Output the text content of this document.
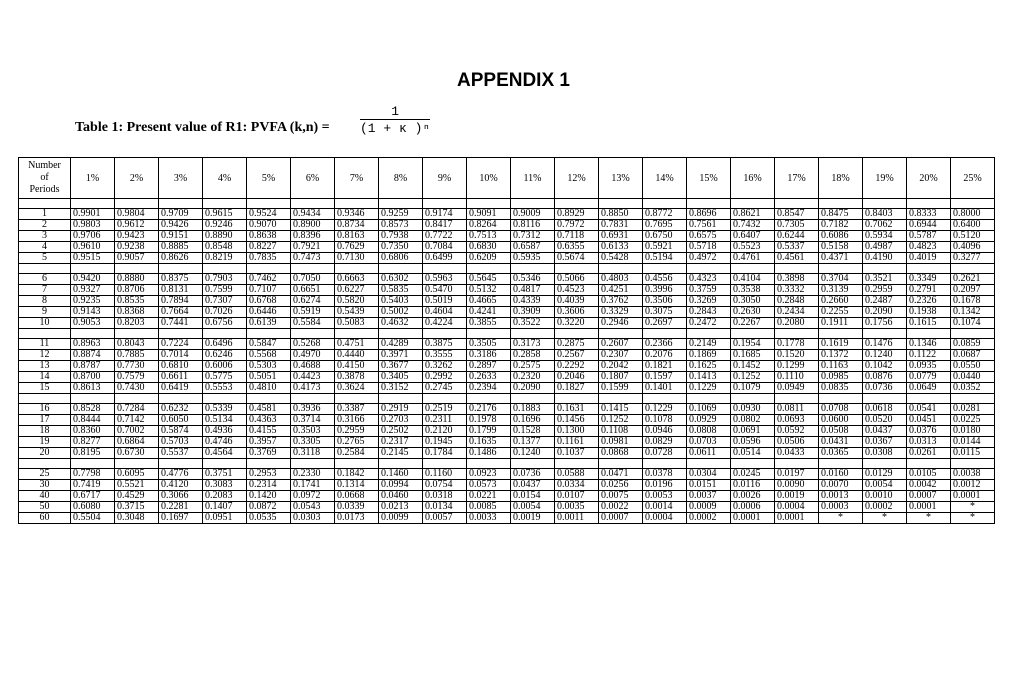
APPENDIX 1
Table 1: Present value of R1: PVFA $(k,n) = \frac{1}{\text{(1 + κ )ⁿ}}$
Number
of
Periods	1%	2%	3%	4%	5%	6%	7%	8%	9%	10%	11%	12%	13%	14%	15%	16%	17%	18%	19%	20%	25%

1	0.9901	0.9804	0.9709	0.9615	0.9524	0.9434	0.9346	0.9259	0.9174	0.9091	0.9009	0.8929	0.8850	0.8772	0.8696	0.8621	0.8547	0.8475	0.8403	0.8333	0.8000
2	0.9803	0.9612	0.9426	0.9246	0.9070	0.8900	0.8734	0.8573	0.8417	0.8264	0.8116	0.7972	0.7831	0.7695	0.7561	0.7432	0.7305	0.7182	0.7062	0.6944	0.6400
3	0.9706	0.9423	0.9151	0.8890	0.8638	0.8396	0.8163	0.7938	0.7722	0.7513	0.7312	0.7118	0.6931	0.6750	0.6575	0.6407	0.6244	0.6086	0.5934	0.5787	0.5120
4	0.9610	0.9238	0.8885	0.8548	0.8227	0.7921	0.7629	0.7350	0.7084	0.6830	0.6587	0.6355	0.6133	0.5921	0.5718	0.5523	0.5337	0.5158	0.4987	0.4823	0.4096
5	0.9515	0.9057	0.8626	0.8219	0.7835	0.7473	0.7130	0.6806	0.6499	0.6209	0.5935	0.5674	0.5428	0.5194	0.4972	0.4761	0.4561	0.4371	0.4190	0.4019	0.3277

6	0.9420	0.8880	0.8375	0.7903	0.7462	0.7050	0.6663	0.6302	0.5963	0.5645	0.5346	0.5066	0.4803	0.4556	0.4323	0.4104	0.3898	0.3704	0.3521	0.3349	0.2621
7	0.9327	0.8706	0.8131	0.7599	0.7107	0.6651	0.6227	0.5835	0.5470	0.5132	0.4817	0.4523	0.4251	0.3996	0.3759	0.3538	0.3332	0.3139	0.2959	0.2791	0.2097
8	0.9235	0.8535	0.7894	0.7307	0.6768	0.6274	0.5820	0.5403	0.5019	0.4665	0.4339	0.4039	0.3762	0.3506	0.3269	0.3050	0.2848	0.2660	0.2487	0.2326	0.1678
9	0.9143	0.8368	0.7664	0.7026	0.6446	0.5919	0.5439	0.5002	0.4604	0.4241	0.3909	0.3606	0.3329	0.3075	0.2843	0.2630	0.2434	0.2255	0.2090	0.1938	0.1342
10	0.9053	0.8203	0.7441	0.6756	0.6139	0.5584	0.5083	0.4632	0.4224	0.3855	0.3522	0.3220	0.2946	0.2697	0.2472	0.2267	0.2080	0.1911	0.1756	0.1615	0.1074

11	0.8963	0.8043	0.7224	0.6496	0.5847	0.5268	0.4751	0.4289	0.3875	0.3505	0.3173	0.2875	0.2607	0.2366	0.2149	0.1954	0.1778	0.1619	0.1476	0.1346	0.0859
12	0.8874	0.7885	0.7014	0.6246	0.5568	0.4970	0.4440	0.3971	0.3555	0.3186	0.2858	0.2567	0.2307	0.2076	0.1869	0.1685	0.1520	0.1372	0.1240	0.1122	0.0687
13	0.8787	0.7730	0.6810	0.6006	0.5303	0.4688	0.4150	0.3677	0.3262	0.2897	0.2575	0.2292	0.2042	0.1821	0.1625	0.1452	0.1299	0.1163	0.1042	0.0935	0.0550
14	0.8700	0.7579	0.6611	0.5775	0.5051	0.4423	0.3878	0.3405	0.2992	0.2633	0.2320	0.2046	0.1807	0.1597	0.1413	0.1252	0.1110	0.0985	0.0876	0.0779	0.0440
15	0.8613	0.7430	0.6419	0.5553	0.4810	0.4173	0.3624	0.3152	0.2745	0.2394	0.2090	0.1827	0.1599	0.1401	0.1229	0.1079	0.0949	0.0835	0.0736	0.0649	0.0352

16	0.8528	0.7284	0.6232	0.5339	0.4581	0.3936	0.3387	0.2919	0.2519	0.2176	0.1883	0.1631	0.1415	0.1229	0.1069	0.0930	0.0811	0.0708	0.0618	0.0541	0.0281
17	0.8444	0.7142	0.6050	0.5134	0.4363	0.3714	0.3166	0.2703	0.2311	0.1978	0.1696	0.1456	0.1252	0.1078	0.0929	0.0802	0.0693	0.0600	0.0520	0.0451	0.0225
18	0.8360	0.7002	0.5874	0.4936	0.4155	0.3503	0.2959	0.2502	0.2120	0.1799	0.1528	0.1300	0.1108	0.0946	0.0808	0.0691	0.0592	0.0508	0.0437	0.0376	0.0180
19	0.8277	0.6864	0.5703	0.4746	0.3957	0.3305	0.2765	0.2317	0.1945	0.1635	0.1377	0.1161	0.0981	0.0829	0.0703	0.0596	0.0506	0.0431	0.0367	0.0313	0.0144
20	0.8195	0.6730	0.5537	0.4564	0.3769	0.3118	0.2584	0.2145	0.1784	0.1486	0.1240	0.1037	0.0868	0.0728	0.0611	0.0514	0.0433	0.0365	0.0308	0.0261	0.0115

25	0.7798	0.6095	0.4776	0.3751	0.2953	0.2330	0.1842	0.1460	0.1160	0.0923	0.0736	0.0588	0.0471	0.0378	0.0304	0.0245	0.0197	0.0160	0.0129	0.0105	0.0038
30	0.7419	0.5521	0.4120	0.3083	0.2314	0.1741	0.1314	0.0994	0.0754	0.0573	0.0437	0.0334	0.0256	0.0196	0.0151	0.0116	0.0090	0.0070	0.0054	0.0042	0.0012
40	0.6717	0.4529	0.3066	0.2083	0.1420	0.0972	0.0668	0.0460	0.0318	0.0221	0.0154	0.0107	0.0075	0.0053	0.0037	0.0026	0.0019	0.0013	0.0010	0.0007	0.0001
50	0.6080	0.3715	0.2281	0.1407	0.0872	0.0543	0.0339	0.0213	0.0134	0.0085	0.0054	0.0035	0.0022	0.0014	0.0009	0.0006	0.0004	0.0003	0.0002	0.0001	*
60	0.5504	0.3048	0.1697	0.0951	0.0535	0.0303	0.0173	0.0099	0.0057	0.0033	0.0019	0.0011	0.0007	0.0004	0.0002	0.0001	0.0001	*	*	*	*
